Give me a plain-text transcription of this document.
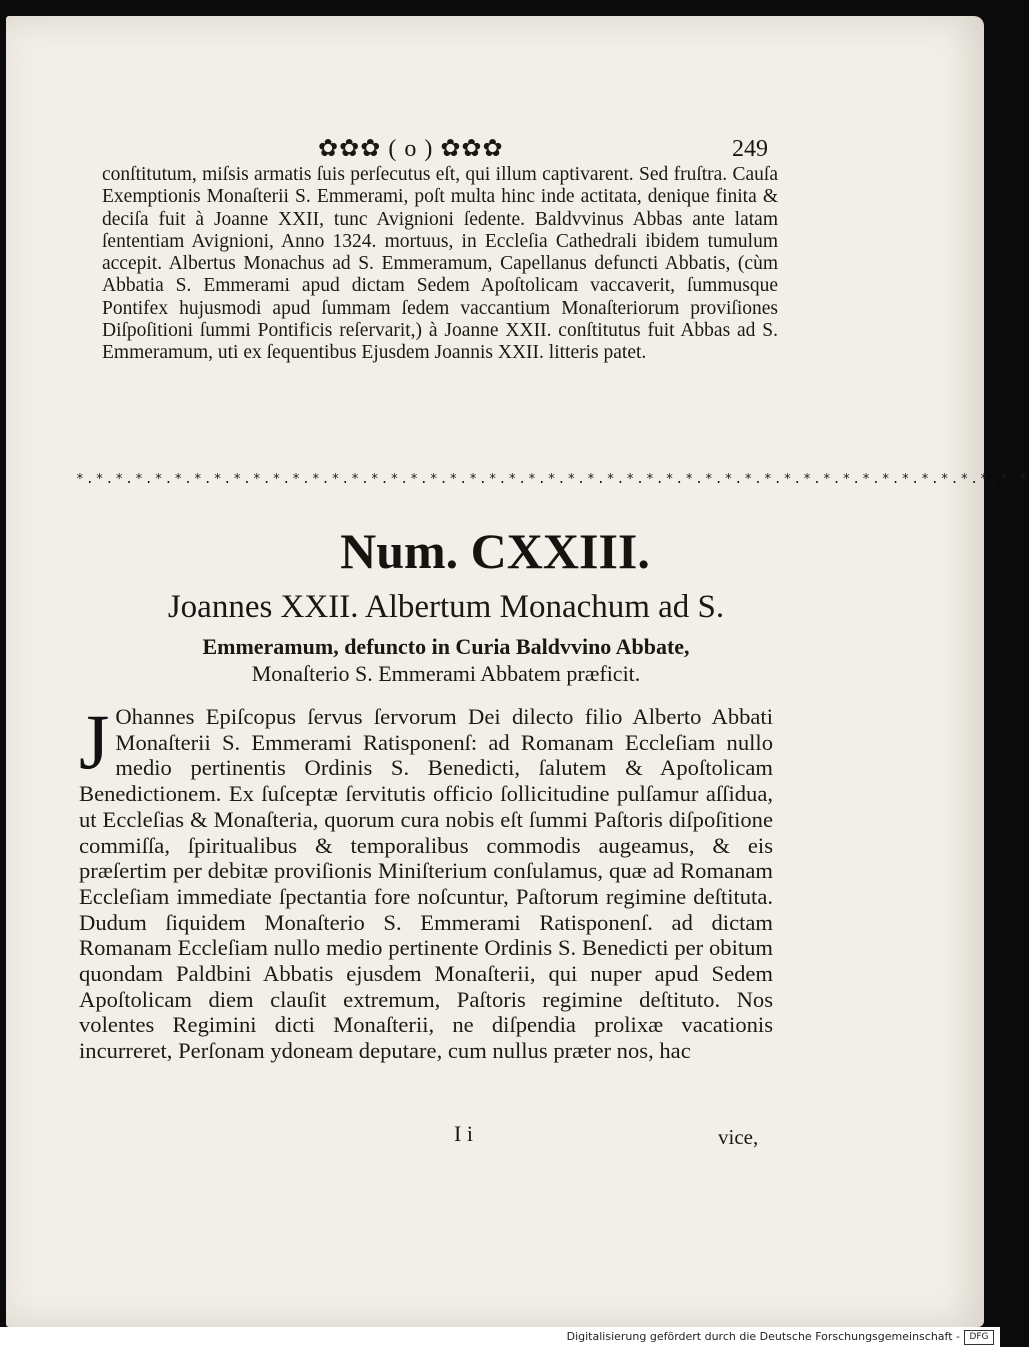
✿✿✿ ( o ) ✿✿✿	249

conſtitutum, miſsis armatis ſuis perſecutus eſt, qui illum captivarent. Sed fruſtra. Cauſa Exemptionis Monaſterii S. Emmerami, poſt multa hinc inde actitata, denique finita & deciſa fuit à Joanne XXII, tunc Avignioni ſedente. Baldvvinus Abbas ante latam ſententiam Avignioni, Anno 1324. mortuus, in Eccleſia Cathedrali ibidem tumulum accepit. Albertus Monachus ad S. Emmeramum, Capellanus defuncti Abbatis, (cùm Abbatia S. Emmerami apud dictam Sedem Apoſtolicam vaccaverit, ſummusque Pontifex hujusmodi apud ſummam ſedem vaccantium Monaſteriorum proviſiones Diſpoſitioni ſummi Pontificis reſervarit,) à Joanne XXII. conſtitutus fuit Abbas ad S. Emmeramum, uti ex ſequentibus Ejusdem Joannis XXII. litteris patet.

*.*.*.*.*.*.*.*.*.*.*.*.*.*.*.*.*.*.*.*.*.*.*.*.*.*.*.*.*.*.*.*.*.*.*.*.*.*.*.*.*.*.*.*.*.*.*.*.*
Num. CXXIII.
Joannes XXII. Albertum Monachum ad S.
Emmeramum, defuncto in Curia Baldvvino Abbate,
Monaſterio S. Emmerami Abbatem præficit.

J Ohannes Epiſcopus ſervus ſervorum Dei dilecto filio Alberto Abbati Monaſterii S. Emmerami Ratisponenſ: ad Romanam Eccleſiam nullo medio pertinentis Ordinis S. Benedicti, ſalutem & Apoſtolicam Benedictionem. Ex ſuſceptæ ſervitutis officio ſollicitudine pulſamur aſſidua, ut Eccleſias & Monaſteria, quorum cura nobis eſt ſummi Paſtoris diſpoſitione commiſſa, ſpiritualibus & temporalibus commodis augeamus, & eis præſertim per debitæ proviſionis Miniſterium conſulamus, quæ ad Romanam Eccleſiam immediate ſpectantia fore noſcuntur, Paſtorum regimine deſtituta. Dudum ſiquidem Monaſterio S. Emmerami Ratisponenſ. ad dictam Romanam Eccleſiam nullo medio pertinente Ordinis S. Benedicti per obitum quondam Paldbini Abbatis ejusdem Monaſterii, qui nuper apud Sedem Apoſtolicam diem clauſit extremum, Paſtoris regimine deſtituto. Nos volentes Regimini dicti Monaſterii, ne diſpendia prolixæ vacationis incurreret, Perſonam ydoneam deputare, cum nullus præter nos, hac

I i	vice,
Digitalisierung gefördert durch die Deutsche Forschungsgemeinschaft -	DFG
